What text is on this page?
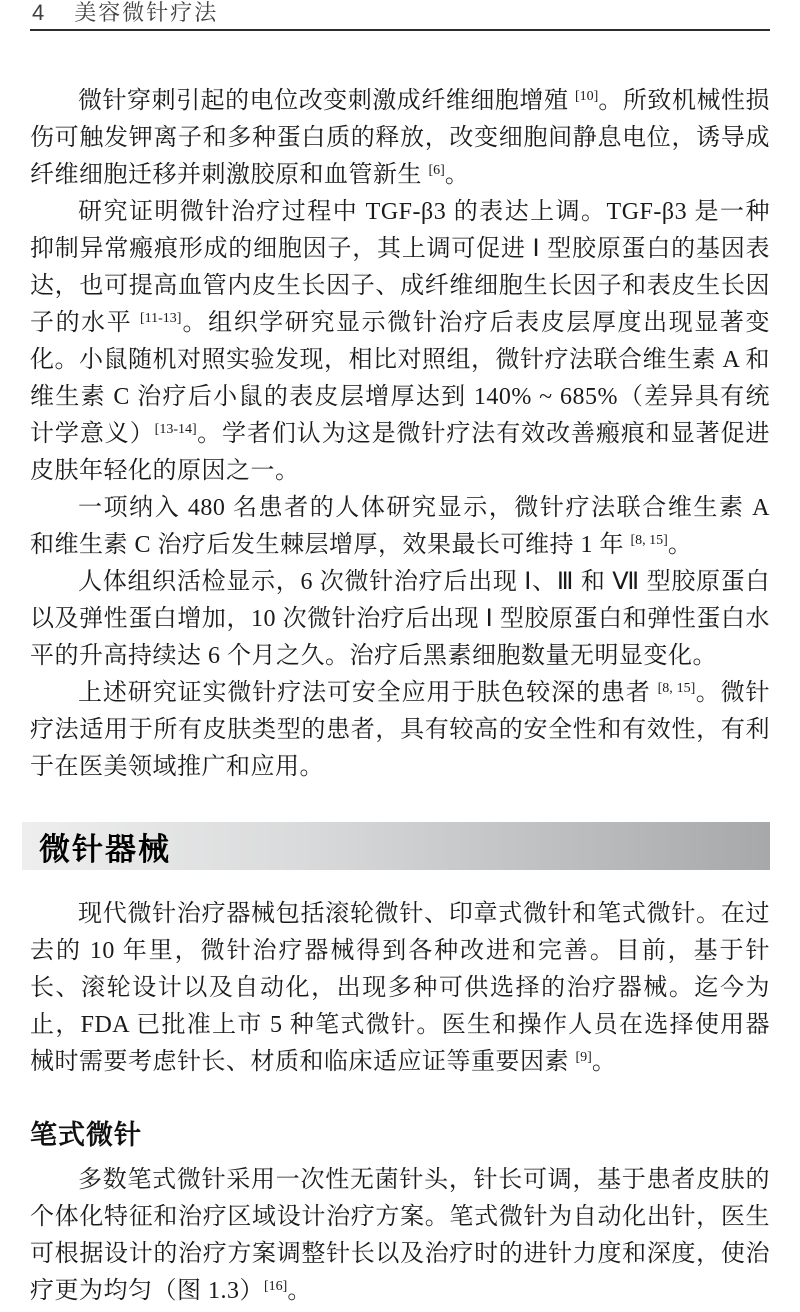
4 美容微针疗法

微针穿刺引起的电位改变刺激成纤维细胞增殖 [10]。所致机械性损伤可触发钾离子和多种蛋白质的释放，改变细胞间静息电位，诱导成纤维细胞迁移并刺激胶原和血管新生 [6]。

研究证明微针治疗过程中 TGF-β3 的表达上调。TGF-β3 是一种抑制异常瘢痕形成的细胞因子，其上调可促进 Ⅰ 型胶原蛋白的基因表达，也可提高血管内皮生长因子、成纤维细胞生长因子和表皮生长因子的水平 [11-13]。组织学研究显示微针治疗后表皮层厚度出现显著变化。小鼠随机对照实验发现，相比对照组，微针疗法联合维生素 A 和维生素 C 治疗后小鼠的表皮层增厚达到 140% ~ 685%（差异具有统计学意义）[13-14]。学者们认为这是微针疗法有效改善瘢痕和显著促进皮肤年轻化的原因之一。

一项纳入 480 名患者的人体研究显示，微针疗法联合维生素 A 和维生素 C 治疗后发生棘层增厚，效果最长可维持 1 年 [8, 15]。

人体组织活检显示，6 次微针治疗后出现 Ⅰ、Ⅲ 和 Ⅶ 型胶原蛋白以及弹性蛋白增加，10 次微针治疗后出现 Ⅰ 型胶原蛋白和弹性蛋白水平的升高持续达 6 个月之久。治疗后黑素细胞数量无明显变化。

上述研究证实微针疗法可安全应用于肤色较深的患者 [8, 15]。微针疗法适用于所有皮肤类型的患者，具有较高的安全性和有效性，有利于在医美领域推广和应用。

微针器械

现代微针治疗器械包括滚轮微针、印章式微针和笔式微针。在过去的 10 年里，微针治疗器械得到各种改进和完善。目前，基于针长、滚轮设计以及自动化，出现多种可供选择的治疗器械。迄今为止，FDA 已批准上市 5 种笔式微针。医生和操作人员在选择使用器械时需要考虑针长、材质和临床适应证等重要因素 [9]。

笔式微针

多数笔式微针采用一次性无菌针头，针长可调，基于患者皮肤的个体化特征和治疗区域设计治疗方案。笔式微针为自动化出针，医生可根据设计的治疗方案调整针长以及治疗时的进针力度和深度，使治疗更为均匀（图 1.3）[16]。
